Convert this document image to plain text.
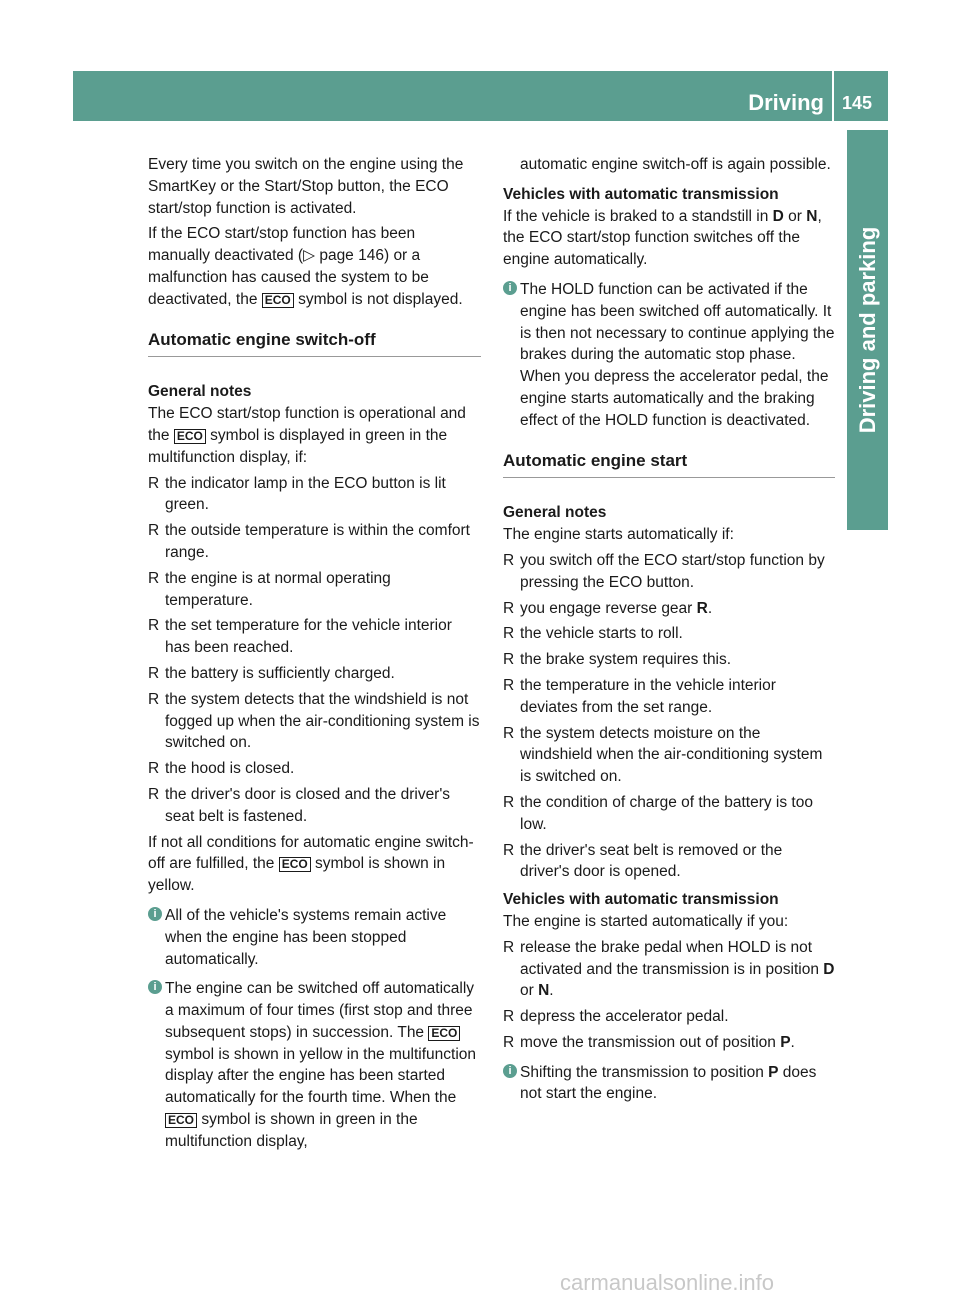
Driving 145
Driving and parking

Every time you switch on the engine using the SmartKey or the Start/Stop button, the ECO start/stop function is activated.

If the ECO start/stop function has been manually deactivated (▷ page 146) or a malfunction has caused the system to be deactivated, the ECO symbol is not displayed.

Automatic engine switch-off

General notes

The ECO start/stop function is operational and the ECO symbol is displayed in green in the multifunction display, if:

R the indicator lamp in the ECO button is lit green.
R the outside temperature is within the comfort range.
R the engine is at normal operating temperature.
R the set temperature for the vehicle interior has been reached.
R the battery is sufficiently charged.
R the system detects that the windshield is not fogged up when the air-conditioning system is switched on.
R the hood is closed.
R the driver's door is closed and the driver's seat belt is fastened.

If not all conditions for automatic engine switch-off are fulfilled, the ECO symbol is shown in yellow.

i All of the vehicle's systems remain active when the engine has been stopped automatically.
i The engine can be switched off automatically a maximum of four times (first stop and three subsequent stops) in succession. The ECO symbol is shown in yellow in the multifunction display after the engine has been started automatically for the fourth time. When the ECO symbol is shown in green in the multifunction display,

automatic engine switch-off is again possible.

Vehicles with automatic transmission

If the vehicle is braked to a standstill in D or N, the ECO start/stop function switches off the engine automatically.

i The HOLD function can be activated if the engine has been switched off automatically. It is then not necessary to continue applying the brakes during the automatic stop phase. When you depress the accelerator pedal, the engine starts automatically and the braking effect of the HOLD function is deactivated.
Automatic engine start

General notes

The engine starts automatically if:

R you switch off the ECO start/stop function by pressing the ECO button.
R you engage reverse gear R.
R the vehicle starts to roll.
R the brake system requires this.
R the temperature in the vehicle interior deviates from the set range.
R the system detects moisture on the windshield when the air-conditioning system is switched on.
R the condition of charge of the battery is too low.
R the driver's seat belt is removed or the driver's door is opened.

Vehicles with automatic transmission

The engine is started automatically if you:

R release the brake pedal when HOLD is not activated and the transmission is in position D or N.
R depress the accelerator pedal.
R move the transmission out of position P.
i Shifting the transmission to position P does not start the engine.
carmanualsonline.info
